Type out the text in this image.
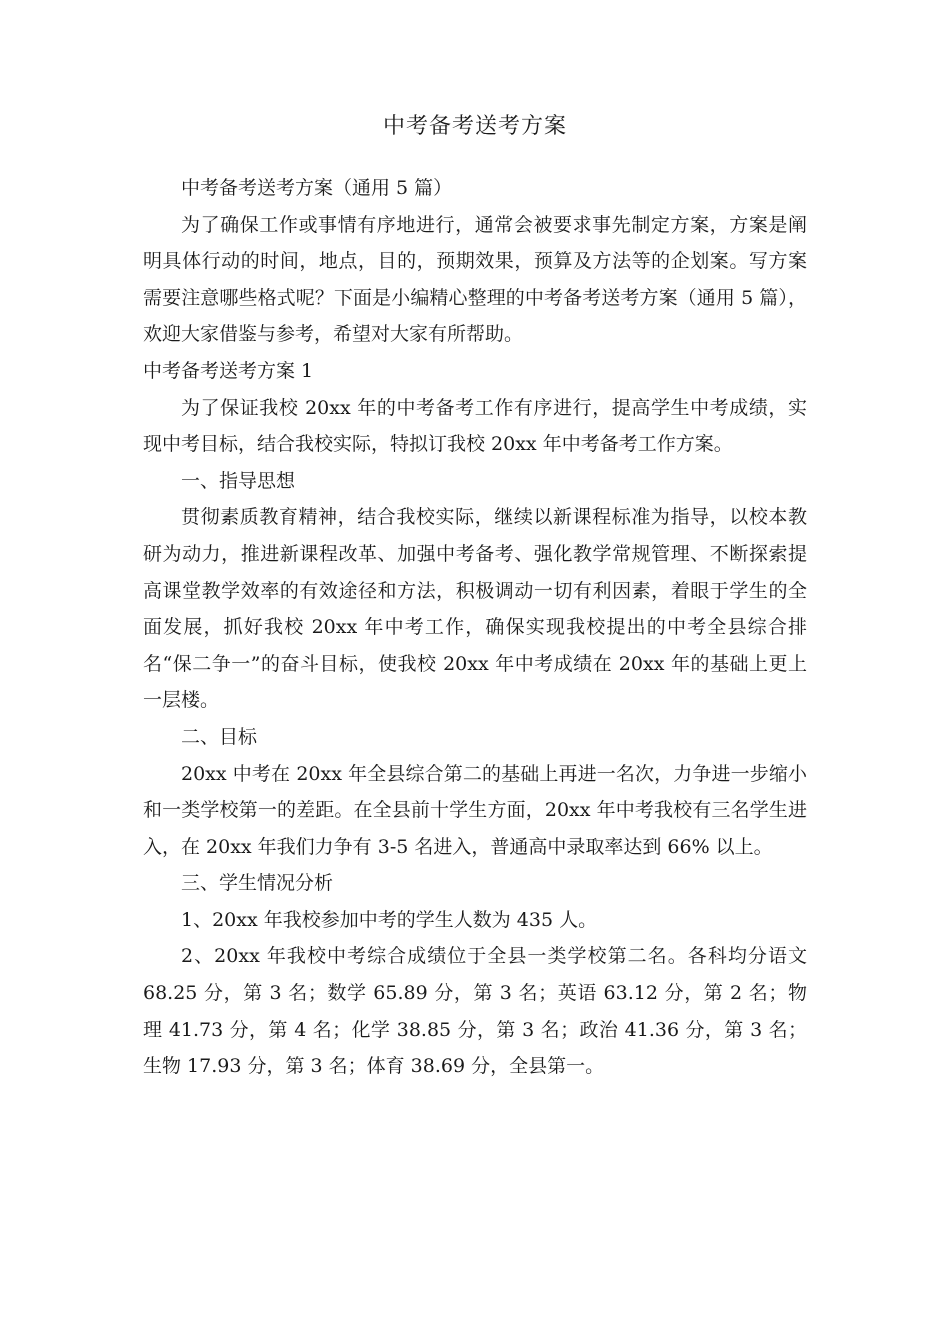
中考备考送考方案

中考备考送考方案（通用 5 篇）

为了确保工作或事情有序地进行，通常会被要求事先制定方案，方案是阐明具体行动的时间，地点，目的，预期效果，预算及方法等的企划案。写方案需要注意哪些格式呢？下面是小编精心整理的中考备考送考方案（通用 5 篇），欢迎大家借鉴与参考，希望对大家有所帮助。

中考备考送考方案 1

为了保证我校 20xx 年的中考备考工作有序进行，提高学生中考成绩，实现中考目标，结合我校实际，特拟订我校 20xx 年中考备考工作方案。

一、指导思想

贯彻素质教育精神，结合我校实际，继续以新课程标准为指导，以校本教研为动力，推进新课程改革、加强中考备考、强化教学常规管理、不断探索提高课堂教学效率的有效途径和方法，积极调动一切有利因素，着眼于学生的全面发展，抓好我校 20xx 年中考工作，确保实现我校提出的中考全县综合排名“保二争一”的奋斗目标，使我校 20xx 年中考成绩在 20xx 年的基础上更上一层楼。

二、目标

20xx 中考在 20xx 年全县综合第二的基础上再进一名次，力争进一步缩小和一类学校第一的差距。在全县前十学生方面，20xx 年中考我校有三名学生进入，在 20xx 年我们力争有 3-5 名进入，普通高中录取率达到 66% 以上。

三、学生情况分析

1、20xx 年我校参加中考的学生人数为 435 人。

2、20xx 年我校中考综合成绩位于全县一类学校第二名。各科均分语文 68.25 分，第 3 名；数学 65.89 分，第 3 名；英语 63.12 分，第 2 名；物理 41.73 分，第 4 名；化学 38.85 分，第 3 名；政治 41.36 分，第 3 名；生物 17.93 分，第 3 名；体育 38.69 分，全县第一。
